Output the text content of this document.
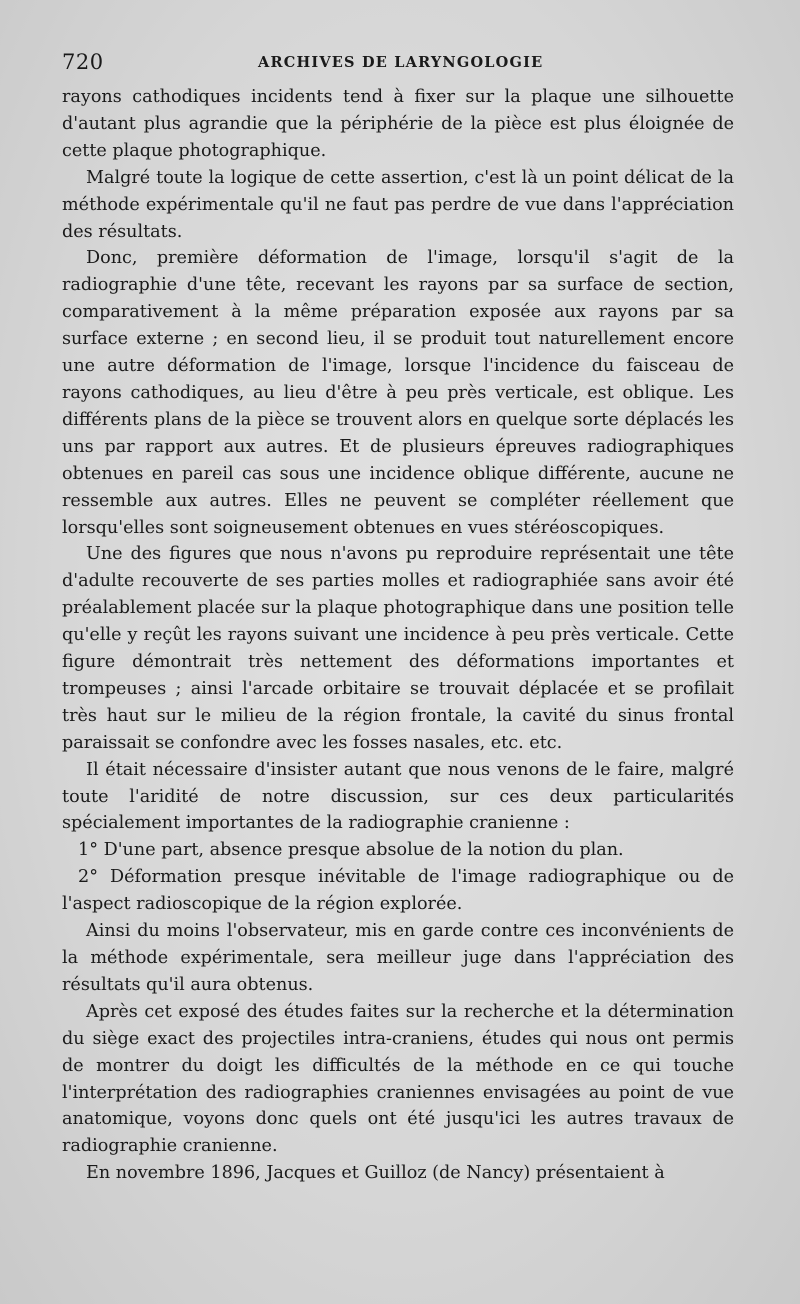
720	ARCHIVES DE LARYNGOLOGIE

rayons cathodiques incidents tend à fixer sur la plaque une silhouette d'autant plus agrandie que la périphérie de la pièce est plus éloignée de cette plaque photographique.

Malgré toute la logique de cette assertion, c'est là un point délicat de la méthode expérimentale qu'il ne faut pas perdre de vue dans l'appréciation des résultats.

Donc, première déformation de l'image, lorsqu'il s'agit de la radiographie d'une tête, recevant les rayons par sa surface de section, comparativement à la même préparation exposée aux rayons par sa surface externe ; en second lieu, il se produit tout naturellement encore une autre déformation de l'image, lorsque l'incidence du faisceau de rayons cathodiques, au lieu d'être à peu près verticale, est oblique. Les différents plans de la pièce se trouvent alors en quelque sorte déplacés les uns par rapport aux autres. Et de plusieurs épreuves radiographiques obtenues en pareil cas sous une incidence oblique différente, aucune ne ressemble aux autres. Elles ne peuvent se compléter réellement que lorsqu'elles sont soigneusement obtenues en vues stéréoscopiques.

Une des figures que nous n'avons pu reproduire représentait une tête d'adulte recouverte de ses parties molles et radiographiée sans avoir été préalablement placée sur la plaque photographique dans une position telle qu'elle y reçût les rayons suivant une incidence à peu près verticale. Cette figure démontrait très nettement des déformations importantes et trompeuses ; ainsi l'arcade orbitaire se trouvait déplacée et se profilait très haut sur le milieu de la région frontale, la cavité du sinus frontal paraissait se confondre avec les fosses nasales, etc. etc.

Il était nécessaire d'insister autant que nous venons de le faire, malgré toute l'aridité de notre discussion, sur ces deux particularités spécialement importantes de la radiographie cranienne :

1° D'une part, absence presque absolue de la notion du plan.

2° Déformation presque inévitable de l'image radiographique ou de l'aspect radioscopique de la région explorée.

Ainsi du moins l'observateur, mis en garde contre ces inconvénients de la méthode expérimentale, sera meilleur juge dans l'appréciation des résultats qu'il aura obtenus.

Après cet exposé des études faites sur la recherche et la détermination du siège exact des projectiles intra-craniens, études qui nous ont permis de montrer du doigt les difficultés de la méthode en ce qui touche l'interprétation des radiographies craniennes envisagées au point de vue anatomique, voyons donc quels ont été jusqu'ici les autres travaux de radiographie cranienne.

En novembre 1896, Jacques et Guilloz (de Nancy) présentaient à
